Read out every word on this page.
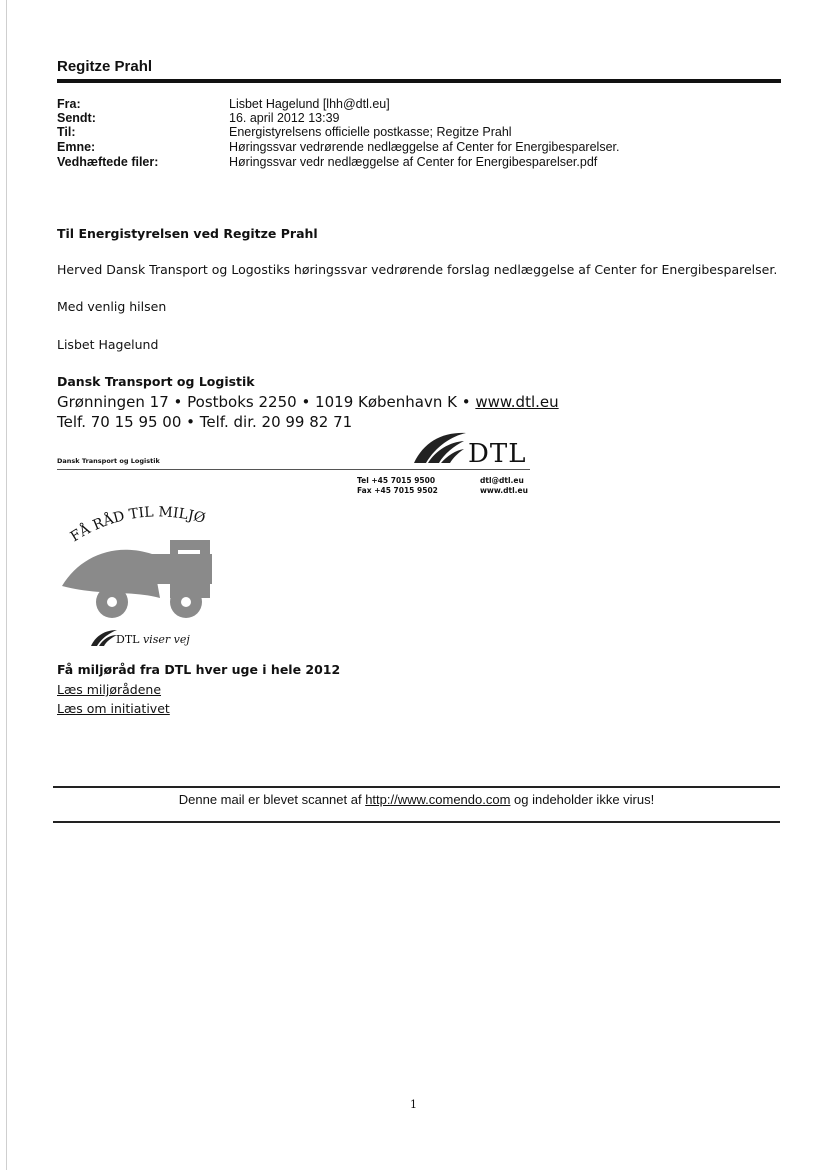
Regitze Prahl
Fra:
Sendt:
Til:
Emne:
Vedhæftede filer:
Lisbet Hagelund [lhh@dtl.eu]
16. april 2012 13:39
Energistyrelsens officielle postkasse; Regitze Prahl
Høringssvar vedrørende nedlæggelse af Center for Energibesparelser.
Høringssvar vedr nedlæggelse af Center for Energibesparelser.pdf
Til Energistyrelsen ved Regitze Prahl
Herved Dansk Transport og Logostiks høringssvar vedrørende forslag nedlæggelse af Center for Energibesparelser.
Med venlig hilsen
Lisbet Hagelund
Dansk Transport og Logistik
Grønningen 17 • Postboks 2250 • 1019 København K • www.dtl.eu
Telf. 70 15 95 00 • Telf. dir. 20 99 82 71
Dansk Transport og Logistik	DTL
Tel +45 7015 9500
Fax +45 7015 9502
dtl@dtl.eu
www.dtl.eu
FÅ RÅD TIL MILJØ
DTL viser vej
Få miljøråd fra DTL hver uge i hele 2012
Læs miljørådene
Læs om initiativet
Denne mail er blevet scannet af http://www.comendo.com og indeholder ikke virus!
1
